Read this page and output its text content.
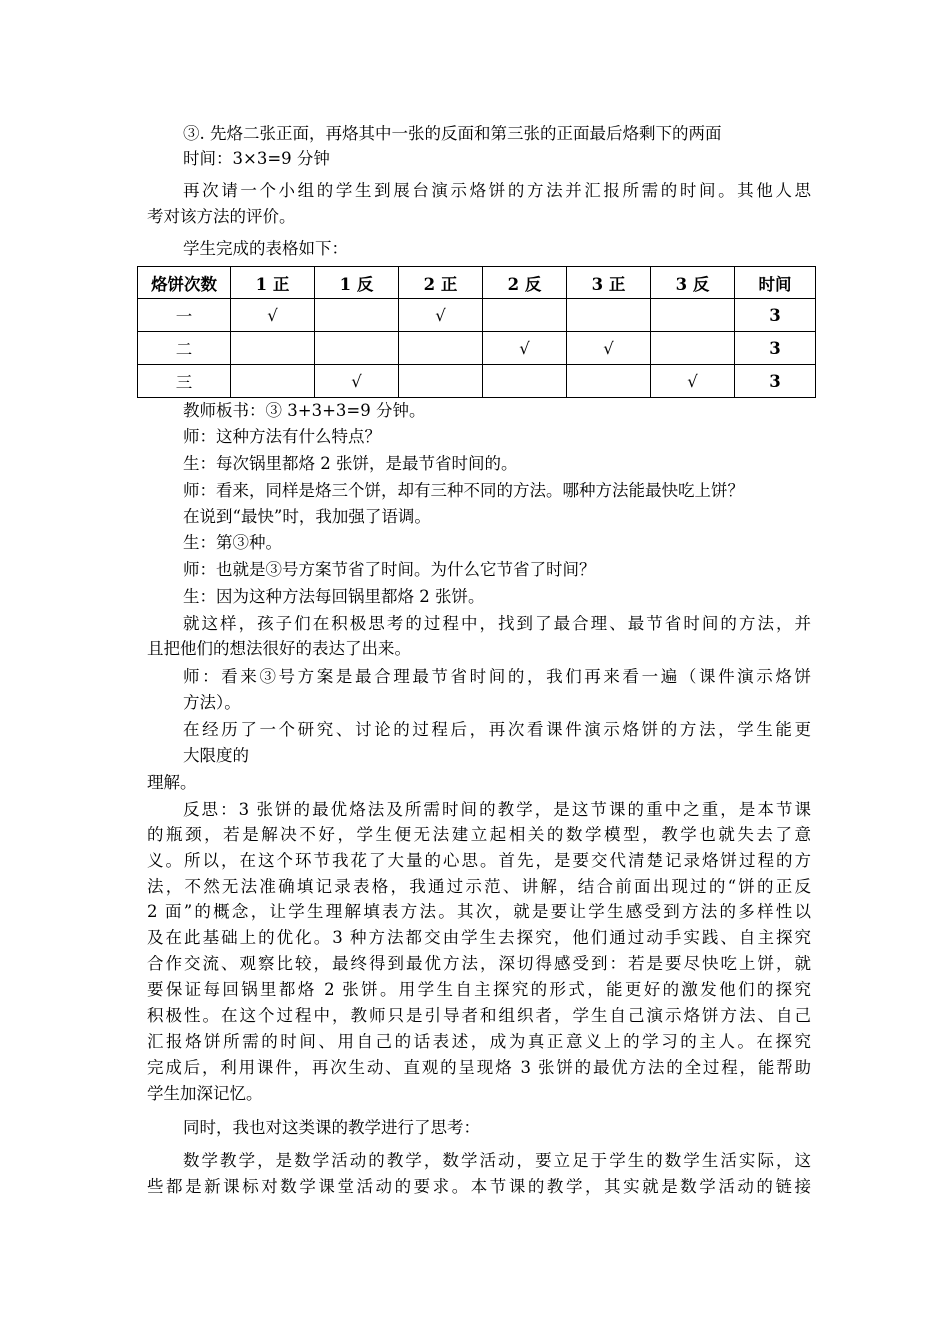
③. 先烙二张正面，再烙其中一张的反面和第三张的正面最后烙剩下的两面

时间：3×3=9 分钟

再次请一个小组的学生到展台演示烙饼的方法并汇报所需的时间。其他人思

考对该方法的评价。

学生完成的表格如下：

烙饼次数	1 正	1 反	2 正	2 反	3 正	3 反	时间
一	√		√				3
二				√	√		3
三		√				√	3

教师板书：③ 3+3+3=9 分钟。

师：这种方法有什么特点？

生：每次锅里都烙 2 张饼，是最节省时间的。

师：看来，同样是烙三个饼，却有三种不同的方法。哪种方法能最快吃上饼？

在说到“最快”时，我加强了语调。

生：第③种。

师：也就是③号方案节省了时间。为什么它节省了时间？

生：因为这种方法每回锅里都烙 2 张饼。

就这样，孩子们在积极思考的过程中，找到了最合理、最节省时间的方法，并

且把他们的想法很好的表达了出来。

师：看来③号方案是最合理最节省时间的，我们再来看一遍（课件演示烙饼

方法）。

在经历了一个研究、讨论的过程后，再次看课件演示烙饼的方法，学生能更

大限度的

理解。

反思：3 张饼的最优烙法及所需时间的教学，是这节课的重中之重，是本节课

的瓶颈，若是解决不好，学生便无法建立起相关的数学模型，教学也就失去了意

义。所以，在这个环节我花了大量的心思。首先，是要交代清楚记录烙饼过程的方

法，不然无法准确填记录表格，我通过示范、讲解，结合前面出现过的“饼的正反

2 面”的概念，让学生理解填表方法。其次，就是要让学生感受到方法的多样性以

及在此基础上的优化。3 种方法都交由学生去探究，他们通过动手实践、自主探究

合作交流、观察比较，最终得到最优方法，深切得感受到：若是要尽快吃上饼，就

要保证每回锅里都烙 2 张饼。用学生自主探究的形式，能更好的激发他们的探究

积极性。在这个过程中，教师只是引导者和组织者，学生自己演示烙饼方法、自己

汇报烙饼所需的时间、用自己的话表述，成为真正意义上的学习的主人。在探究

完成后，利用课件，再次生动、直观的呈现烙 3 张饼的最优方法的全过程，能帮助

学生加深记忆。

同时，我也对这类课的教学进行了思考：

数学教学，是数学活动的教学，数学活动，要立足于学生的数学生活实际，这

些都是新课标对数学课堂活动的要求。本节课的教学，其实就是数学活动的链接
